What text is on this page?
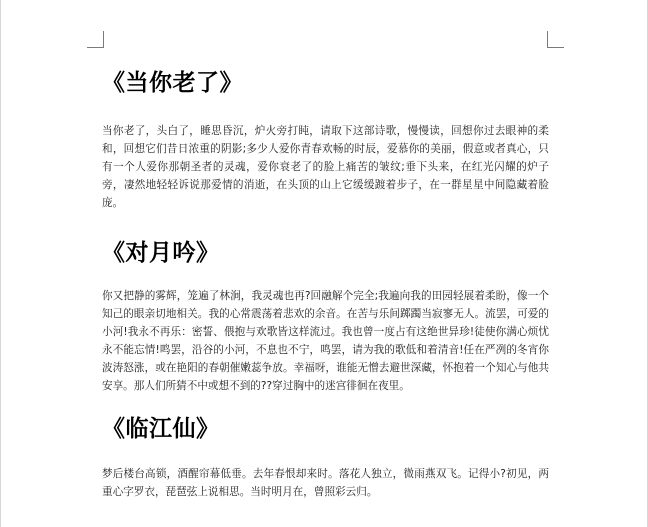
《当你老了》

当你老了，头白了，睡思昏沉，炉火旁打盹，请取下这部诗歌，慢慢读，回想你过去眼神的柔和，回想它们昔日浓重的阴影;多少人爱你青春欢畅的时辰，爱慕你的美丽，假意或者真心，只有一个人爱你那朝圣者的灵魂，爱你衰老了的脸上痛苦的皱纹;垂下头来，在红光闪耀的炉子旁，凄然地轻轻诉说那爱情的消逝，在头顶的山上它缓缓踱着步子，在一群星星中间隐藏着脸庞。

《对月吟》

你又把静的雾辉，笼遍了林涧，我灵魂也再?回融解个完全;我遍向我的田园轻展着柔盼，像一个知己的眼亲切地相关。我的心常震荡着悲欢的余音。在苦与乐间踯躅当寂寥无人。流罢，可爱的小河!我永不再乐：密誓、偎抱与欢歌皆这样流过。我也曾一度占有这绝世异珍!徒使你满心烦忧永不能忘情!鸣罢，沿谷的小河，不息也不宁，鸣罢，请为我的歌低和着清音!任在严冽的冬宵你波涛怒涨，或在艳阳的春朝催嫩蕊争放。幸福呀，谁能无憎去避世深藏，怀抱着一个知心与他共安享。那人们所猜不中或想不到的??穿过胸中的迷宫徘徊在夜里。

《临江仙》

梦后楼台高锁，酒醒帘幕低垂。去年春恨却来时。落花人独立，微雨燕双飞。记得小?初见，两重心字罗衣，琵琶弦上说相思。当时明月在，曾照彩云归。
